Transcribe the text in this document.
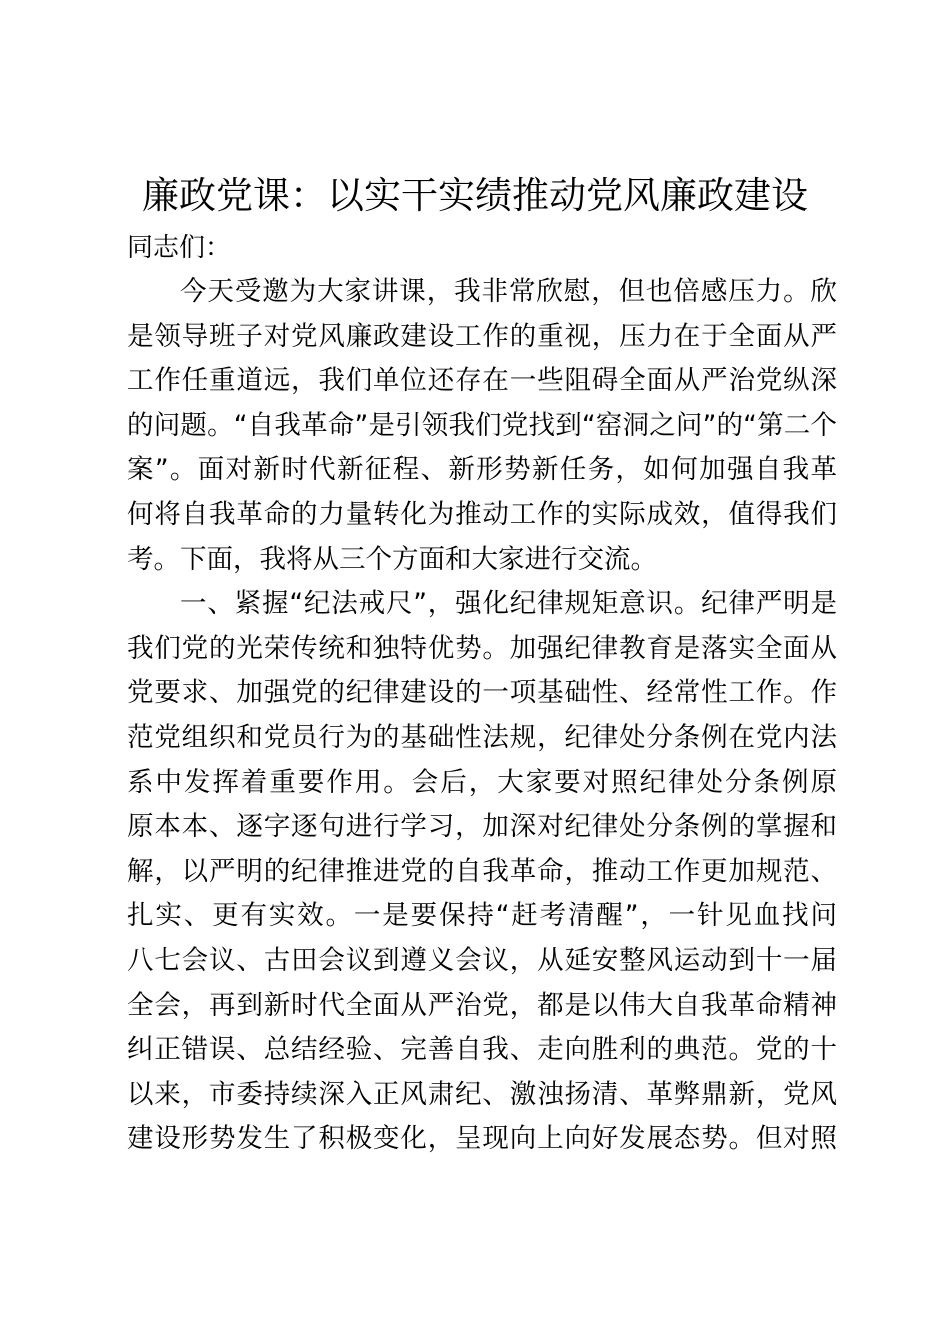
廉政党课：以实干实绩推动党风廉政建设
同志们：
今天受邀为大家讲课，我非常欣慰，但也倍感压力。欣
是领导班子对党风廉政建设工作的重视，压力在于全面从严
工作任重道远，我们单位还存在一些阻碍全面从严治党纵深
的问题。“自我革命”是引领我们党找到“窑洞之问”的“第二个
案”。面对新时代新征程、新形势新任务，如何加强自我革
何将自我革命的力量转化为推动工作的实际成效，值得我们
考。下面，我将从三个方面和大家进行交流。
一、紧握“纪法戒尺”，强化纪律规矩意识。纪律严明是
我们党的光荣传统和独特优势。加强纪律教育是落实全面从
党要求、加强党的纪律建设的一项基础性、经常性工作。作
范党组织和党员行为的基础性法规，纪律处分条例在党内法
系中发挥着重要作用。会后，大家要对照纪律处分条例原
原本本、逐字逐句进行学习，加深对纪律处分条例的掌握和
解，以严明的纪律推进党的自我革命，推动工作更加规范、
扎实、更有实效。一是要保持“赶考清醒”，一针见血找问
八七会议、古田会议到遵义会议，从延安整风运动到十一届
全会，再到新时代全面从严治党，都是以伟大自我革命精神
纠正错误、总结经验、完善自我、走向胜利的典范。党的十
以来，市委持续深入正风肃纪、激浊扬清、革弊鼎新，党风
建设形势发生了积极变化，呈现向上向好发展态势。但对照
